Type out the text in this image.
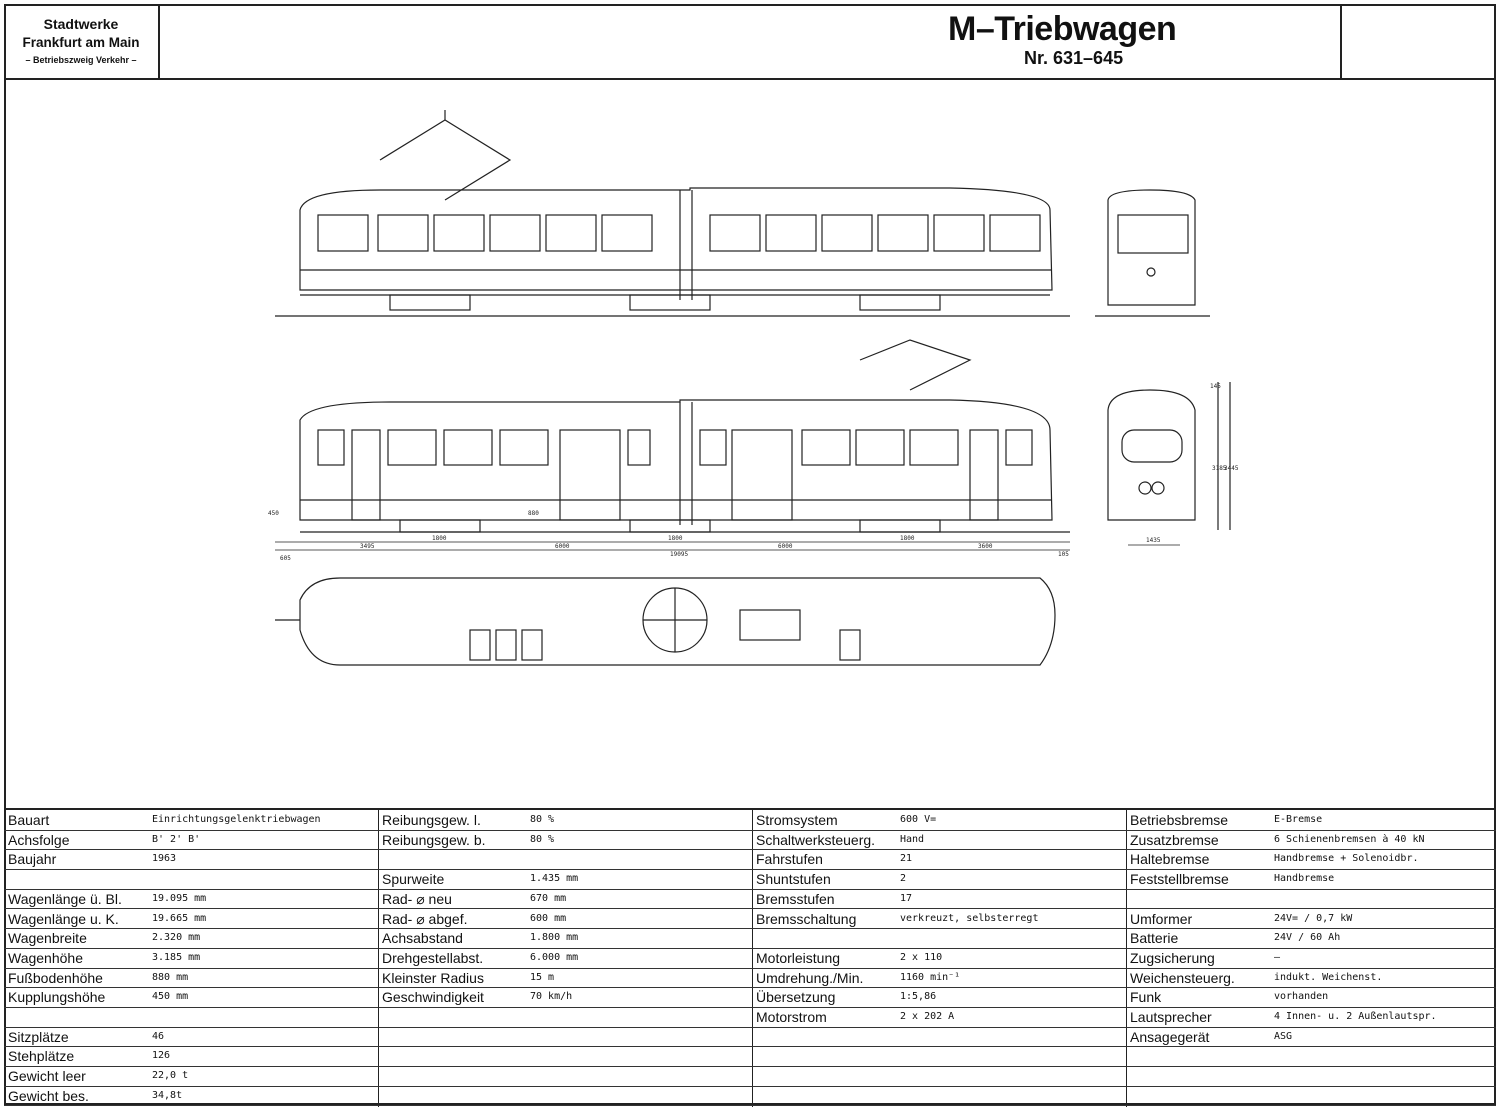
Stadtwerke
Frankfurt am Main
– Betriebszweig Verkehr –
M–Triebwagen
Nr. 631–645
605
3495
1800
6000
1800
6000
1800
3600
105
19095
1435
3185
3445
880
450
145
Bauart	Einrichtungsgelenktriebwagen
Achsfolge	B' 2' B'
Baujahr	1963
Wagenlänge ü. Bl.	19.095 mm
Wagenlänge u. K.	19.665 mm
Wagenbreite	2.320 mm
Wagenhöhe	3.185 mm
Fußbodenhöhe	880 mm
Kupplungshöhe	450 mm
Sitzplätze	46
Stehplätze	126
Gewicht leer	22,0 t
Gewicht bes.	34,8t
Reibungsgew. l.	80 %
Reibungsgew. b.	80 %
Spurweite	1.435 mm
Rad- ⌀ neu	670 mm
Rad- ⌀ abgef.	600 mm
Achsabstand	1.800 mm
Drehgestellabst.	6.000 mm
Kleinster Radius	15 m
Geschwindigkeit	70 km/h
Stromsystem	600 V=
Schaltwerksteuerg. Hand
Fahrstufen	21
Shuntstufen	2
Bremsstufen	17
Bremsschaltung	verkreuzt, selbsterregt
Motorleistung	2 x 110
Umdrehung./Min.	1160 min⁻¹
Übersetzung	1:5,86
Motorstrom	2 x 202 A
Betriebsbremse	E-Bremse
Zusatzbremse	6 Schienenbremsen à 40 kN
Haltebremse	Handbremse + Solenoidbr.
Feststellbremse	Handbremse
Umformer	24V= / 0,7 kW
Batterie	24V / 60 Ah
Zugsicherung	–
Weichensteuerg.	indukt. Weichenst.
Funk	vorhanden
Lautsprecher	4 Innen- u. 2 Außenlautspr.
Ansagegerät	ASG
